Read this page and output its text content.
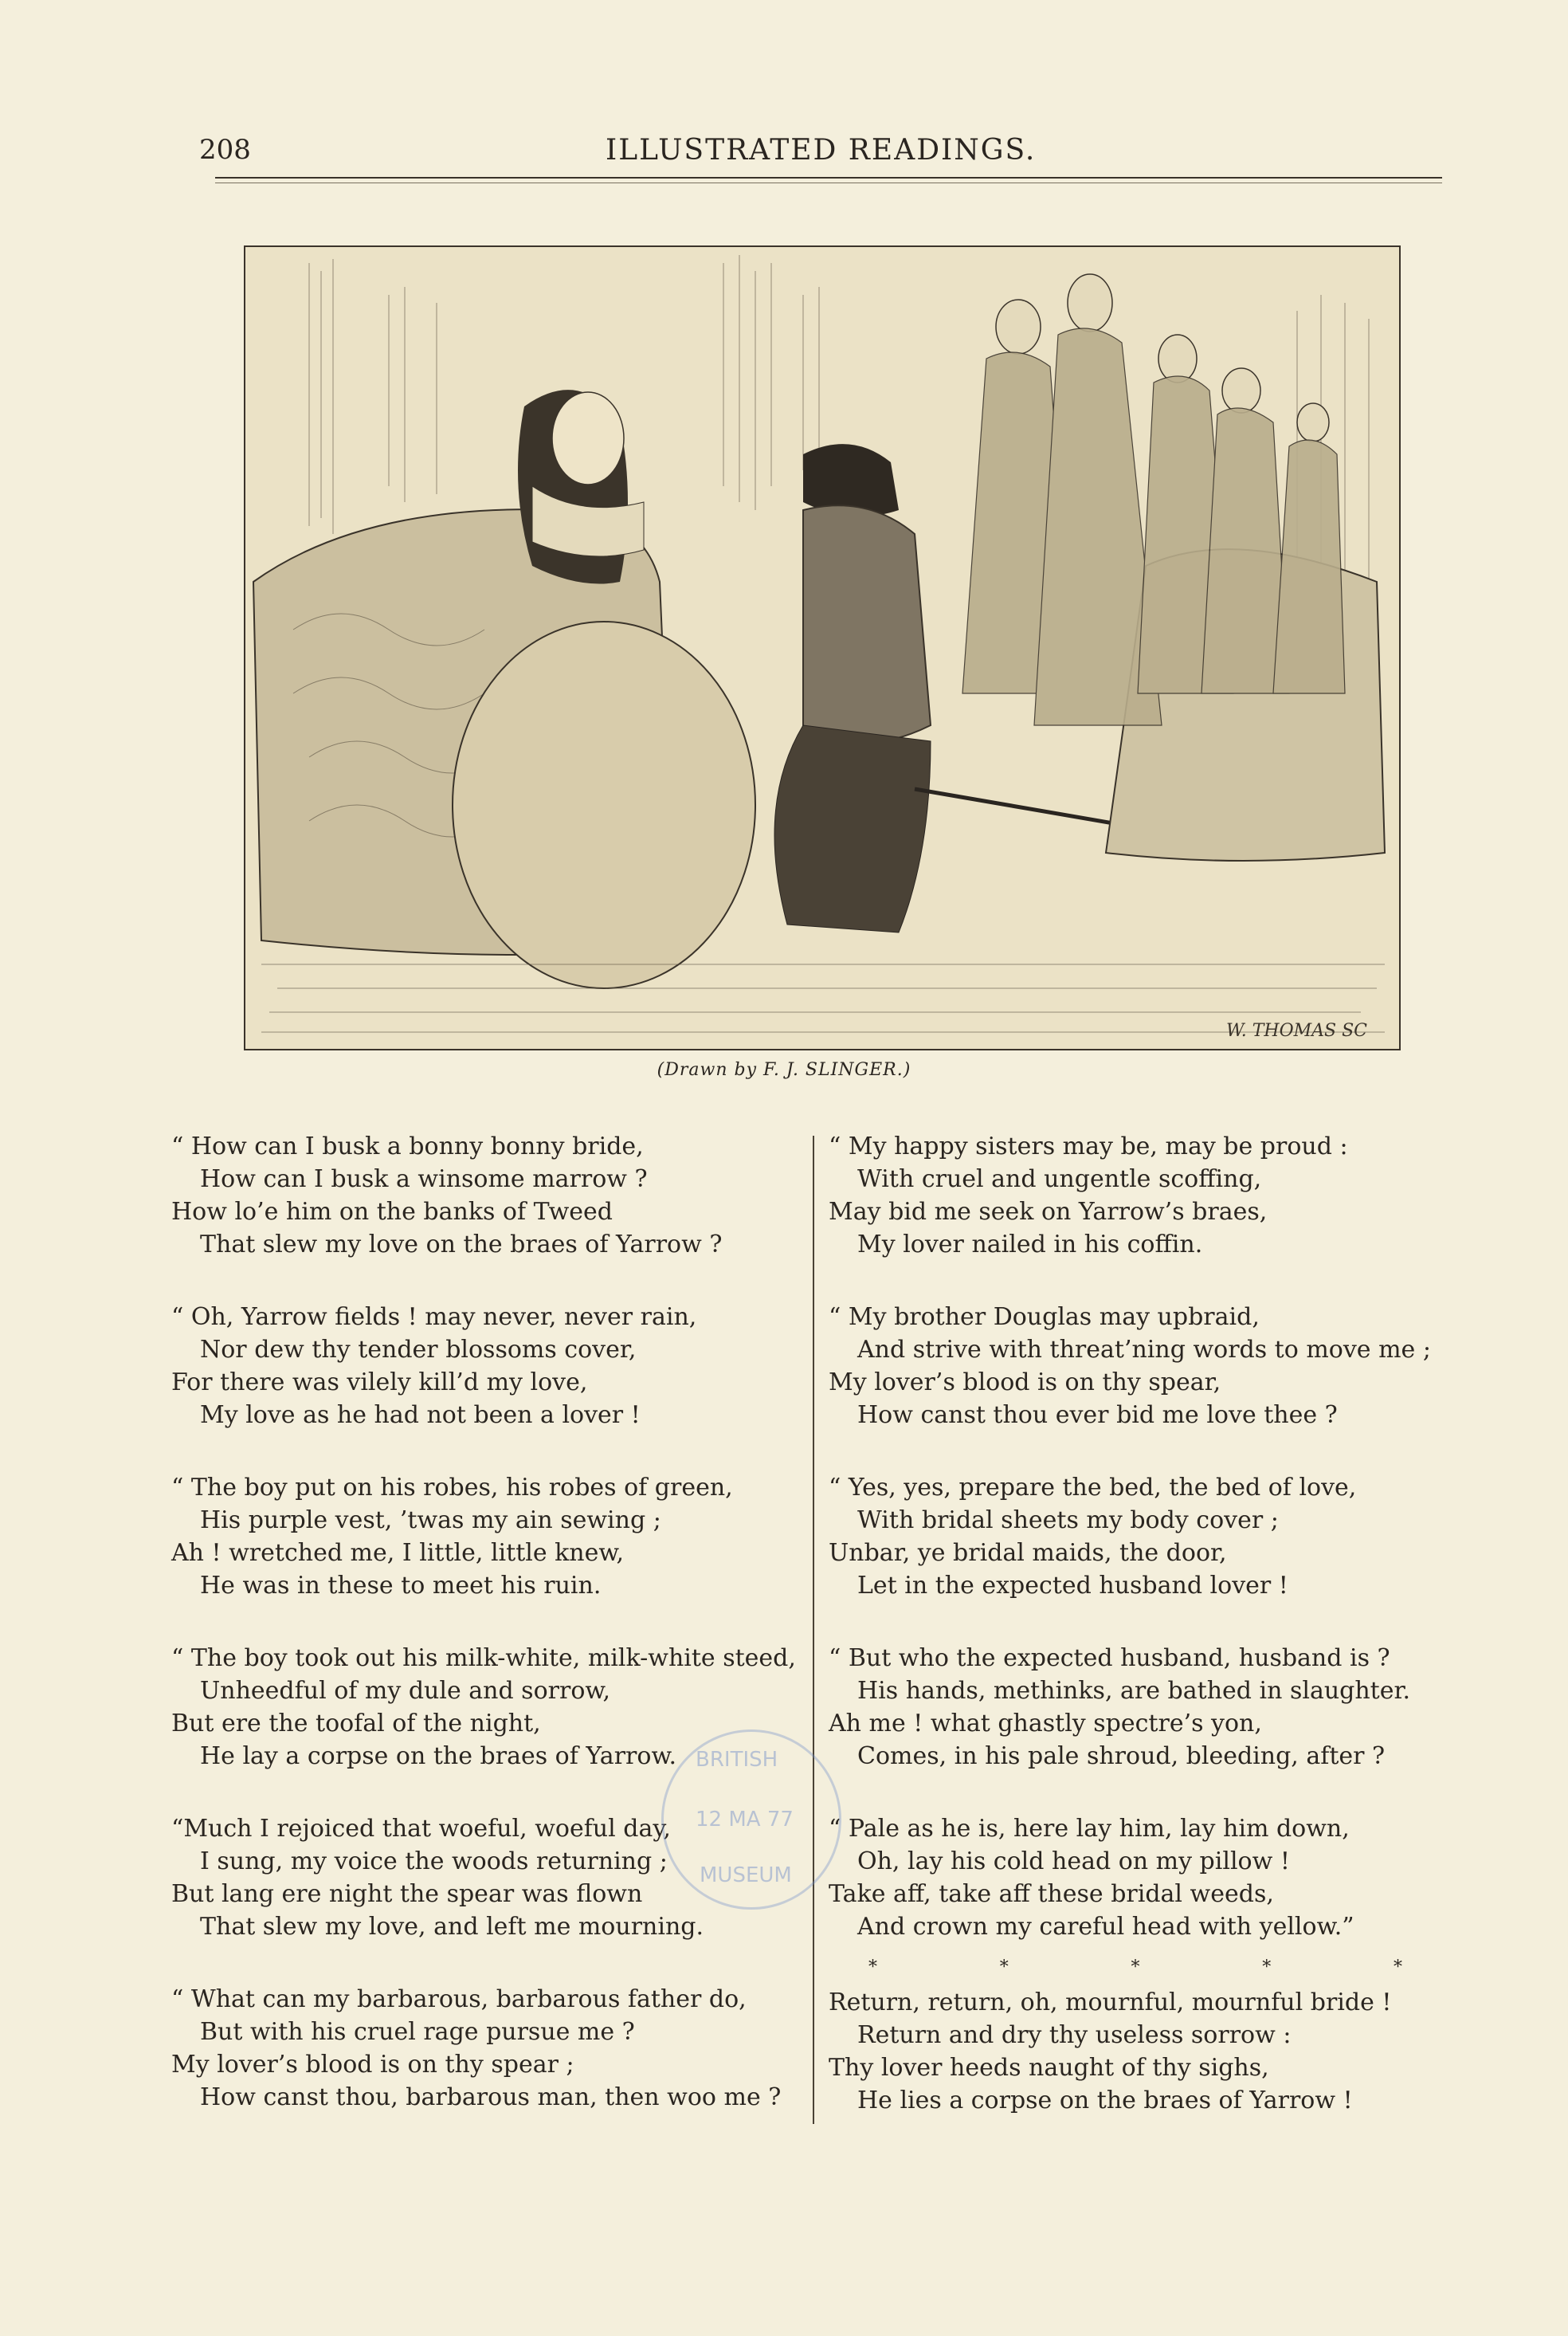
208	ILLUSTRATED READINGS.
W. THOMAS SC
(Drawn by F. J. SLINGER.)
“ How can I busk a bonny bonny bride,
How can I busk a winsome marrow ?
How lo’e him on the banks of Tweed
That slew my love on the braes of Yarrow ?
“ Oh, Yarrow fields ! may never, never rain,
Nor dew thy tender blossoms cover,
For there was vilely kill’d my love,
My love as he had not been a lover !
“ The boy put on his robes, his robes of green,
His purple vest, ’twas my ain sewing ;
Ah ! wretched me, I little, little knew,
He was in these to meet his ruin.
“ The boy took out his milk-white, milk-white steed,
Unheedful of my dule and sorrow,
But ere the toofal of the night,
He lay a corpse on the braes of Yarrow.
“Much I rejoiced that woeful, woeful day,
I sung, my voice the woods returning ;
But lang ere night the spear was flown
That slew my love, and left me mourning.
“ What can my barbarous, barbarous father do,
But with his cruel rage pursue me ?
My lover’s blood is on thy spear ;
How canst thou, barbarous man, then woo me ?
“ My happy sisters may be, may be proud :
With cruel and ungentle scoffing,
May bid me seek on Yarrow’s braes,
My lover nailed in his coffin.
“ My brother Douglas may upbraid,
And strive with threat’ning words to move me ;
My lover’s blood is on thy spear,
How canst thou ever bid me love thee ?
“ Yes, yes, prepare the bed, the bed of love,
With bridal sheets my body cover ;
Unbar, ye bridal maids, the door,
Let in the expected husband lover !
“ But who the expected husband, husband is ?
His hands, methinks, are bathed in slaughter.
Ah me ! what ghastly spectre’s yon,
Comes, in his pale shroud, bleeding, after ?
“ Pale as he is, here lay him, lay him down,
Oh, lay his cold head on my pillow !
Take aff, take aff these bridal weeds,
And crown my careful head with yellow.”
*	*	*	*	*
Return, return, oh, mournful, mournful bride !
Return and dry thy useless sorrow :
Thy lover heeds naught of thy sighs,
He lies a corpse on the braes of Yarrow !
BRITISH
12 MA 77
MUSEUM
